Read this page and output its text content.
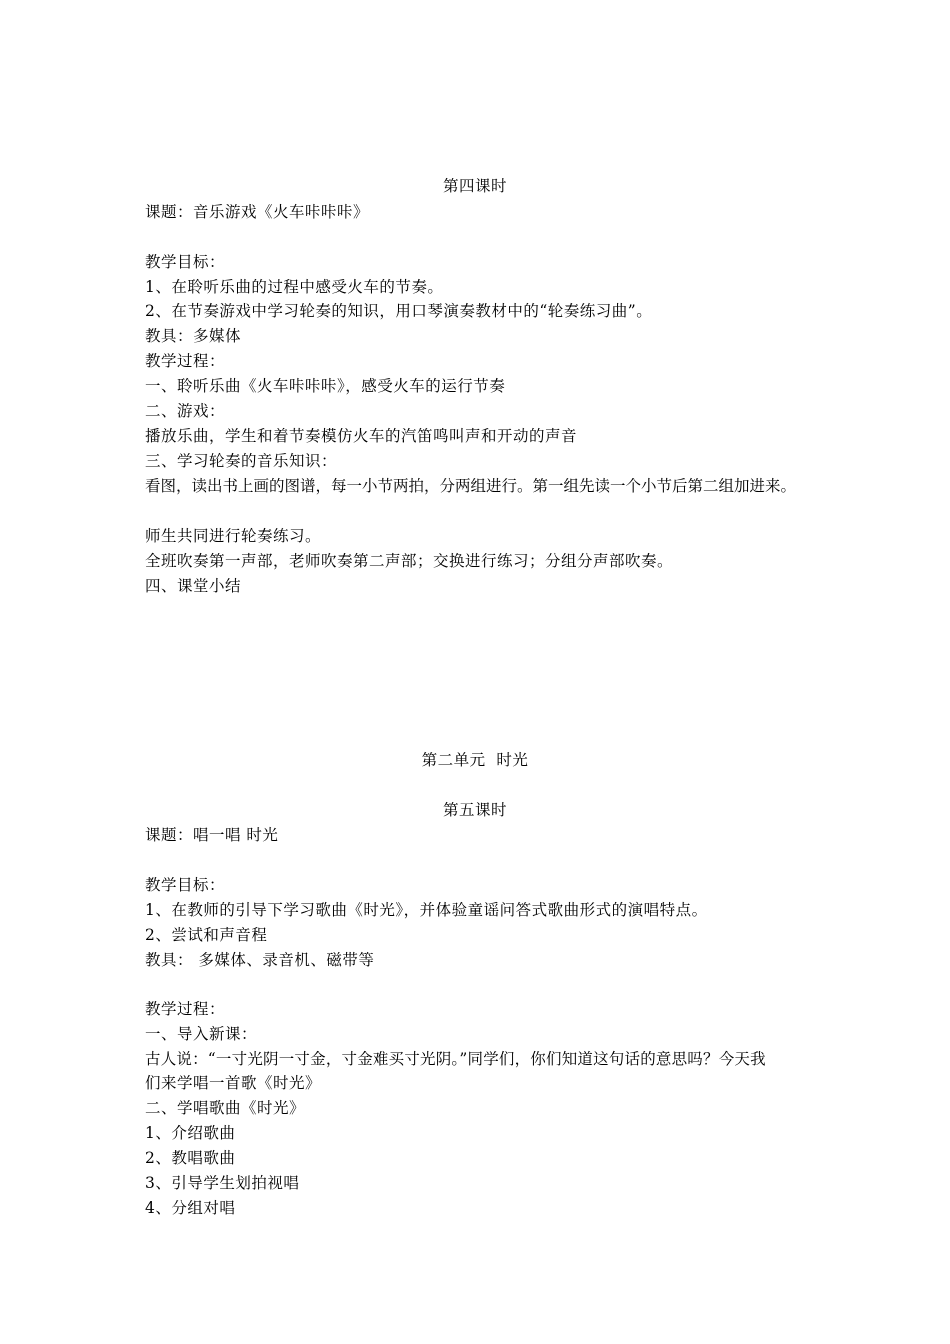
第四课时
课题：音乐游戏《火车咔咔咔》
教学目标：
1、在聆听乐曲的过程中感受火车的节奏。
2、在节奏游戏中学习轮奏的知识，用口琴演奏教材中的“轮奏练习曲”。
教具：多媒体
教学过程：
一、聆听乐曲《火车咔咔咔》，感受火车的运行节奏
二、游戏：
播放乐曲，学生和着节奏模仿火车的汽笛鸣叫声和开动的声音
三、学习轮奏的音乐知识：
看图，读出书上画的图谱，每一小节两拍，分两组进行。第一组先读一个小节后第二组加进来。
师生共同进行轮奏练习。
全班吹奏第一声部，老师吹奏第二声部；交换进行练习；分组分声部吹奏。
四、课堂小结
第二单元  时光
第五课时
课题：唱一唱 时光
教学目标：
1、在教师的引导下学习歌曲《时光》，并体验童谣问答式歌曲形式的演唱特点。
2、尝试和声音程
教具： 多媒体、录音机、磁带等
教学过程：
一、导入新课：
古人说：“一寸光阴一寸金，寸金难买寸光阴。”同学们，你们知道这句话的意思吗？今天我
们来学唱一首歌《时光》
二、学唱歌曲《时光》
1、介绍歌曲
2、教唱歌曲
3、引导学生划拍视唱
4、分组对唱
